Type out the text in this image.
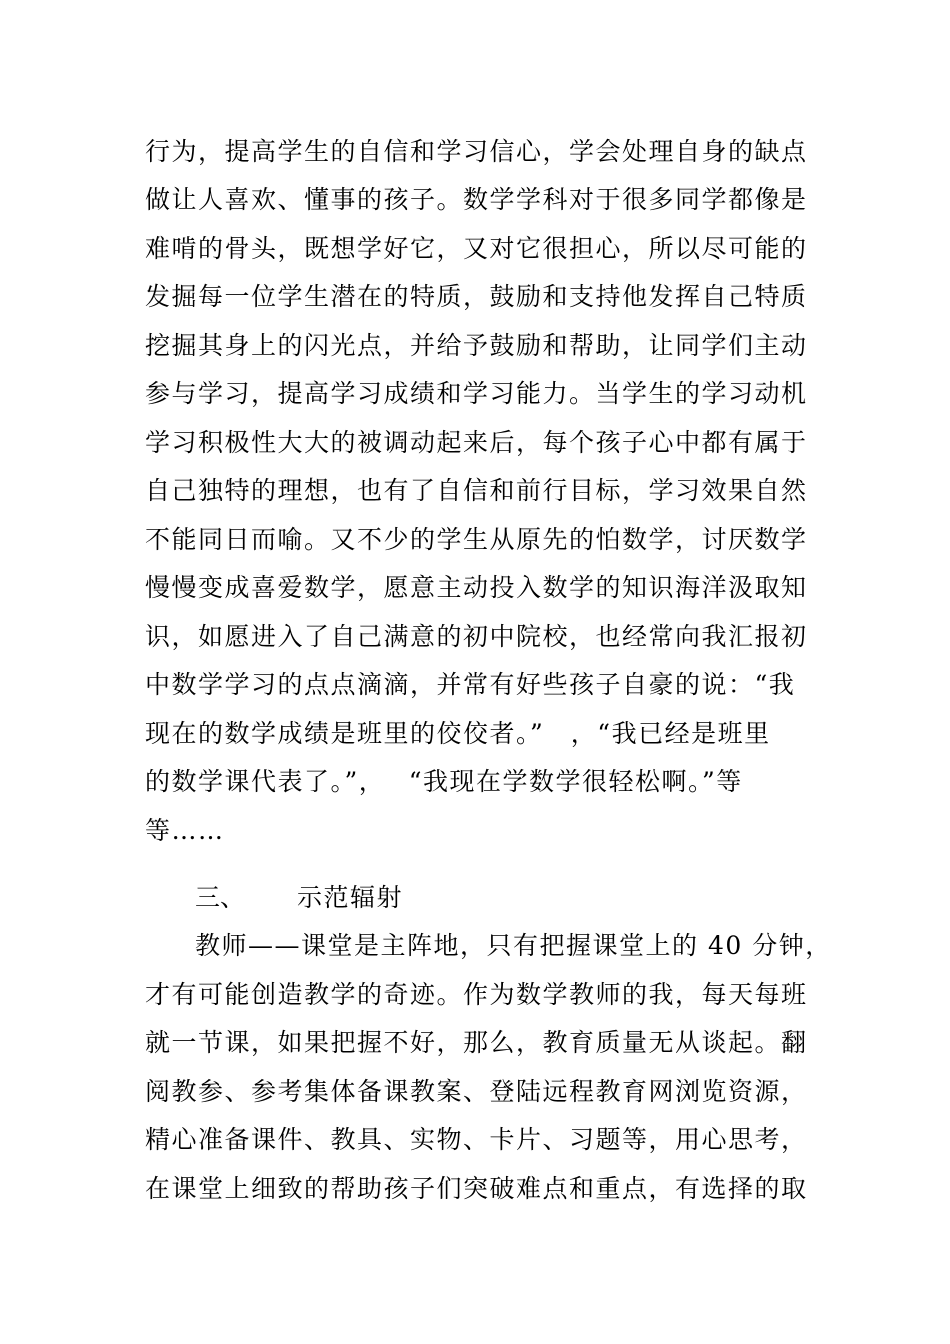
行为，提高学生的自信和学习信心，学会处理自身的缺点
做让人喜欢、懂事的孩子。数学学科对于很多同学都像是
难啃的骨头，既想学好它，又对它很担心，所以尽可能的
发掘每一位学生潜在的特质，鼓励和支持他发挥自己特质
挖掘其身上的闪光点，并给予鼓励和帮助，让同学们主动
参与学习，提高学习成绩和学习能力。当学生的学习动机
学习积极性大大的被调动起来后，每个孩子心中都有属于
自己独特的理想，也有了自信和前行目标，学习效果自然
不能同日而喻。又不少的学生从原先的怕数学，讨厌数学
慢慢变成喜爱数学，愿意主动投入数学的知识海洋汲取知
识，如愿进入了自己满意的初中院校，也经常向我汇报初
中数学学习的点点滴滴，并常有好些孩子自豪的说：“我
现在的数学成绩是班里的佼佼者。”　，“我已经是班里
的数学课代表了。”，　 “我现在学数学很轻松啊。”等
等……
三、 示范辐射
教师——课堂是主阵地，只有把握课堂上的 40 分钟，
才有可能创造教学的奇迹。作为数学教师的我，每天每班
就一节课，如果把握不好，那么，教育质量无从谈起。翻
阅教参、参考集体备课教案、登陆远程教育网浏览资源，
精心准备课件、教具、实物、卡片、习题等，用心思考，
在课堂上细致的帮助孩子们突破难点和重点，有选择的取
